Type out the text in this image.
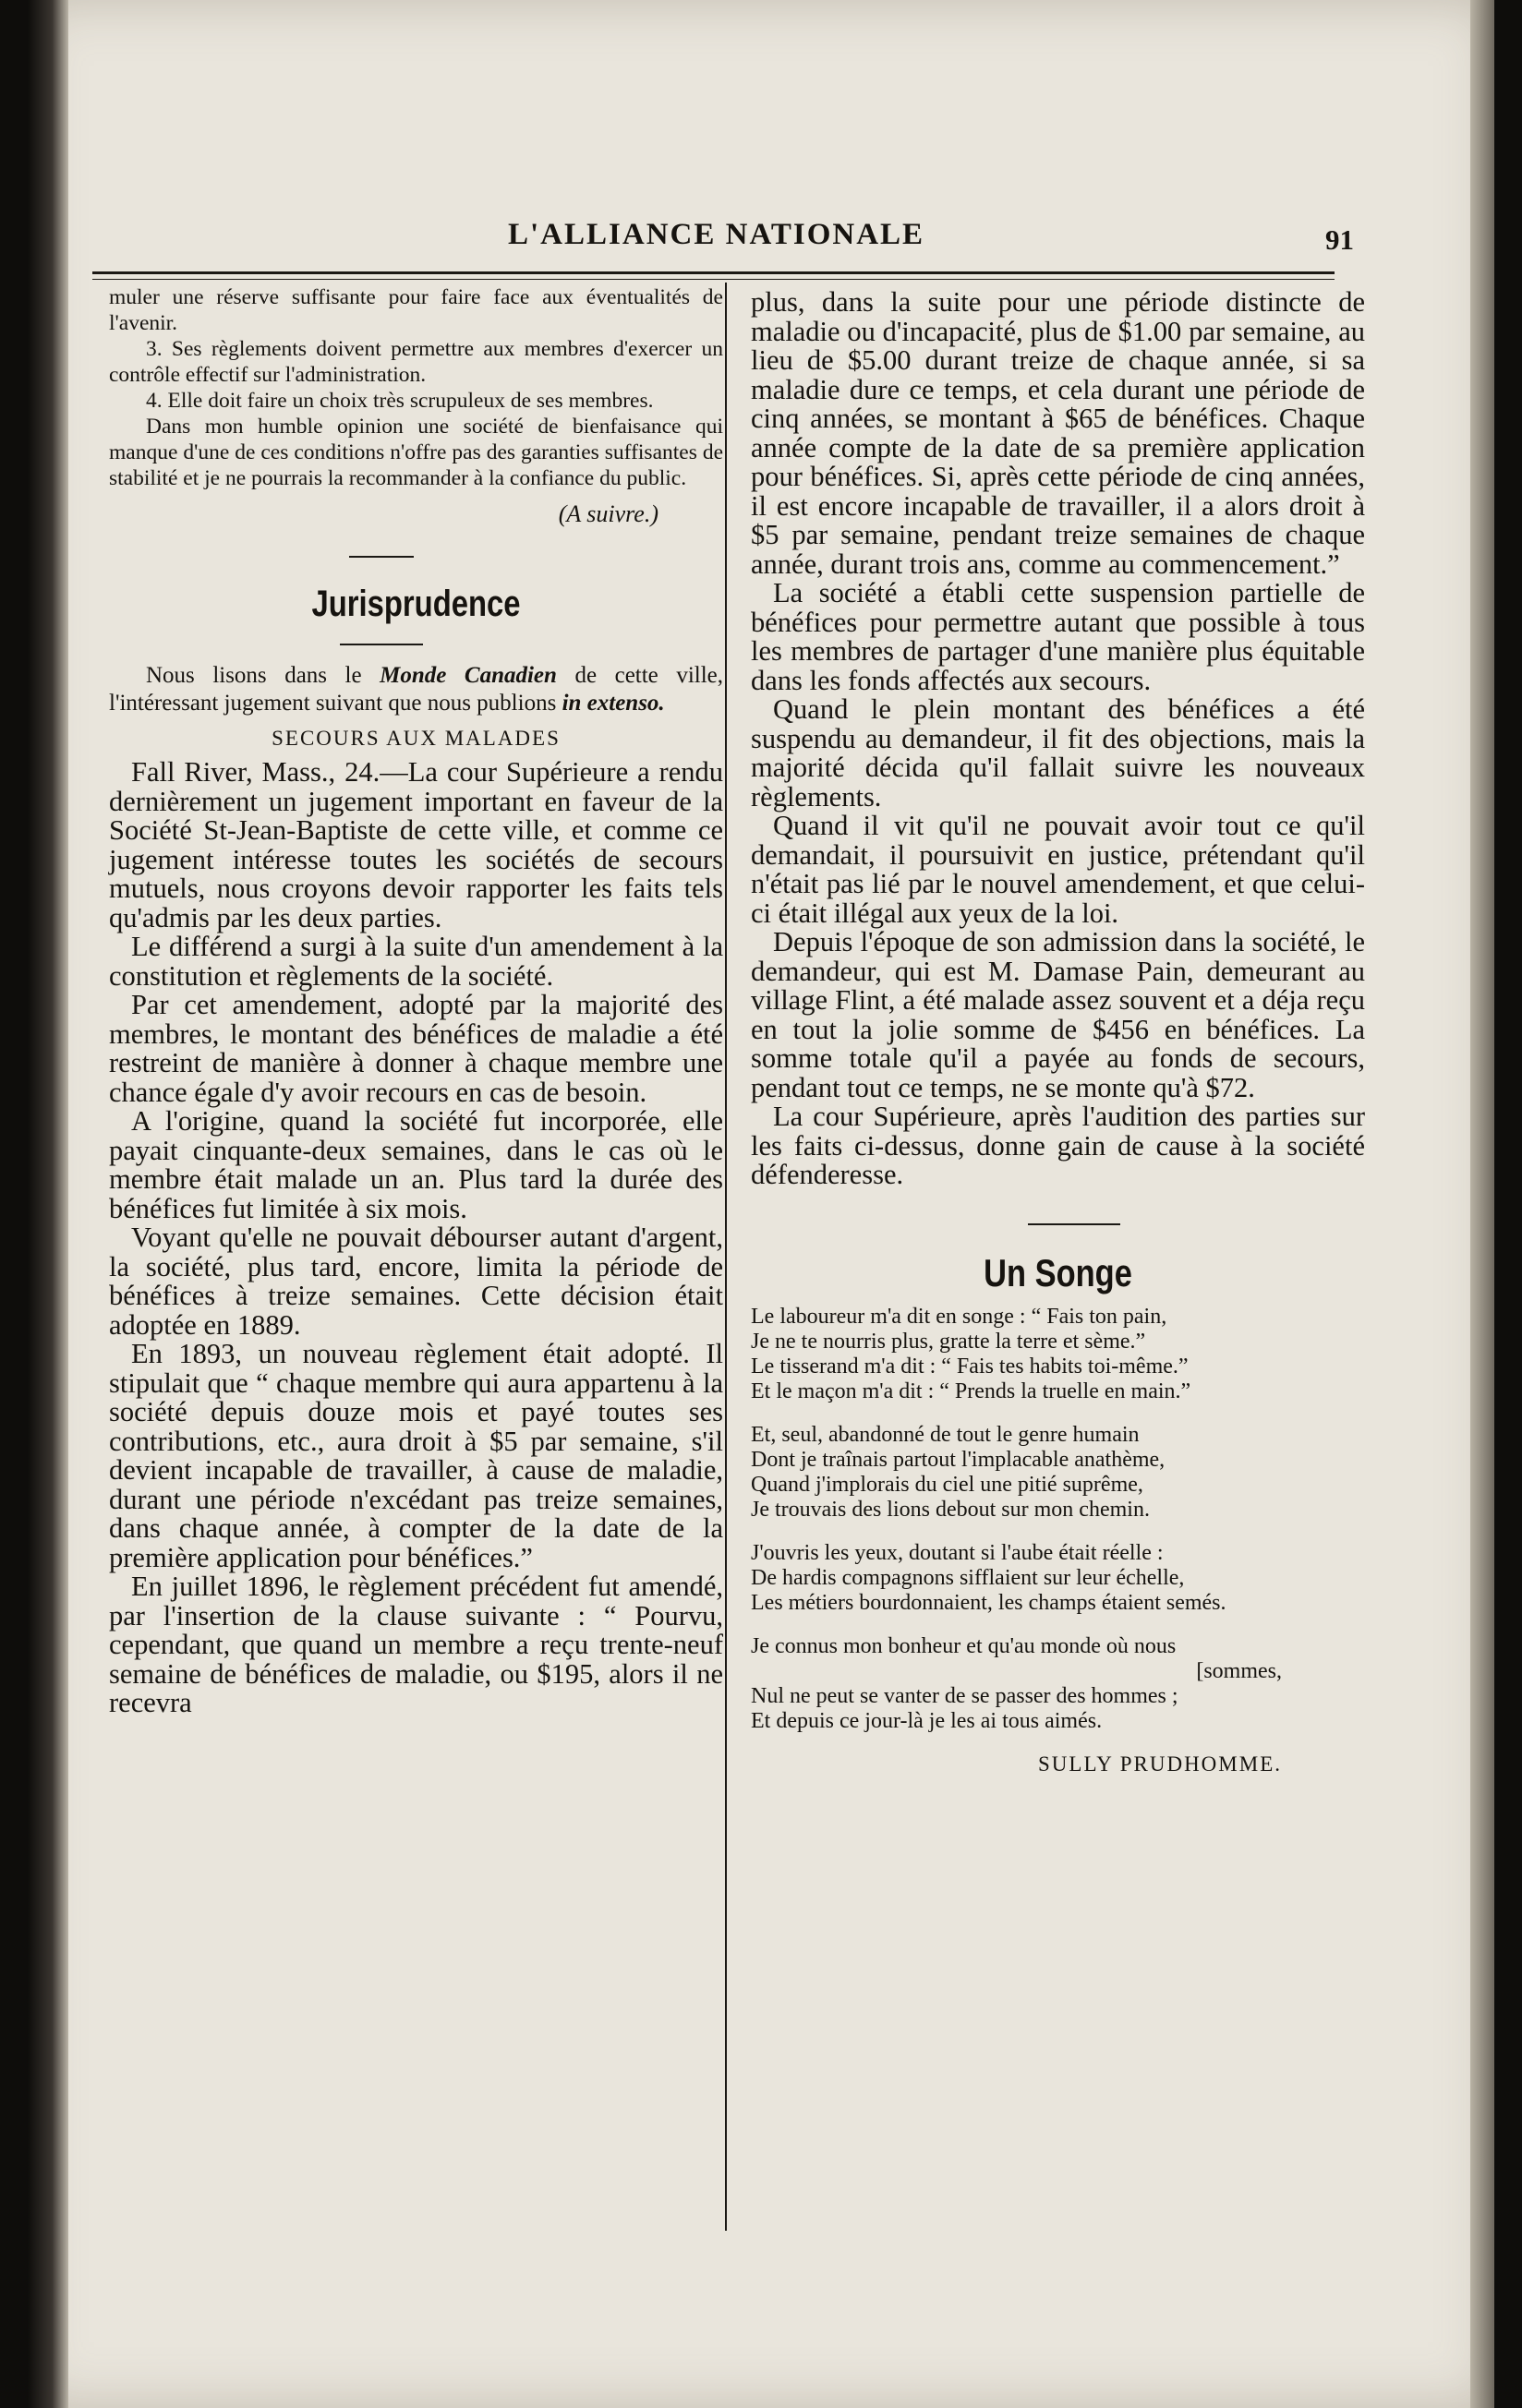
L'ALLIANCE NATIONALE	91

muler une réserve suffisante pour faire face aux éventualités de l'avenir.

3. Ses règlements doivent permettre aux membres d'exercer un contrôle effectif sur l'administration.

4. Elle doit faire un choix très scrupuleux de ses membres.

Dans mon humble opinion une société de bienfaisance qui manque d'une de ces conditions n'offre pas des garanties suffisantes de stabilité et je ne pourrais la recommander à la confiance du public.

(A suivre.)
Jurisprudence

Nous lisons dans le Monde Canadien de cette ville, l'intéressant jugement suivant que nous publions in extenso.

SECOURS AUX MALADES

Fall River, Mass., 24.—La cour Supérieure a rendu dernièrement un jugement important en faveur de la Société St-Jean-Baptiste de cette ville, et comme ce jugement intéresse toutes les sociétés de secours mutuels, nous croyons devoir rapporter les faits tels qu'admis par les deux parties.

Le différend a surgi à la suite d'un amendement à la constitution et règlements de la société.

Par cet amendement, adopté par la majorité des membres, le montant des bénéfices de maladie a été restreint de manière à donner à chaque membre une chance égale d'y avoir recours en cas de besoin.

A l'origine, quand la société fut incorporée, elle payait cinquante-deux semaines, dans le cas où le membre était malade un an. Plus tard la durée des bénéfices fut limitée à six mois.

Voyant qu'elle ne pouvait débourser autant d'argent, la société, plus tard, encore, limita la période de bénéfices à treize semaines. Cette décision était adoptée en 1889.

En 1893, un nouveau règlement était adopté. Il stipulait que “ chaque membre qui aura appartenu à la société depuis douze mois et payé toutes ses contributions, etc., aura droit à $5 par semaine, s'il devient incapable de travailler, à cause de maladie, durant une période n'excédant pas treize semaines, dans chaque année, à compter de la date de la première application pour bénéfices.”

En juillet 1896, le règlement précédent fut amendé, par l'insertion de la clause suivante : “ Pourvu, cependant, que quand un membre a reçu trente-neuf semaine de bénéfices de maladie, ou $195, alors il ne recevra

plus, dans la suite pour une période distincte de maladie ou d'incapacité, plus de $1.00 par semaine, au lieu de $5.00 durant treize de chaque année, si sa maladie dure ce temps, et cela durant une période de cinq années, se montant à $65 de bénéfices. Chaque année compte de la date de sa première application pour bénéfices. Si, après cette période de cinq années, il est encore incapable de travailler, il a alors droit à $5 par semaine, pendant treize semaines de chaque année, durant trois ans, comme au commencement.”

La société a établi cette suspension partielle de bénéfices pour permettre autant que possible à tous les membres de partager d'une manière plus équitable dans les fonds affectés aux secours.

Quand le plein montant des bénéfices a été suspendu au demandeur, il fit des objections, mais la majorité décida qu'il fallait suivre les nouveaux règlements.

Quand il vit qu'il ne pouvait avoir tout ce qu'il demandait, il poursuivit en justice, prétendant qu'il n'était pas lié par le nouvel amendement, et que celui-ci était illégal aux yeux de la loi.

Depuis l'époque de son admission dans la société, le demandeur, qui est M. Damase Pain, demeurant au village Flint, a été malade assez souvent et a déja reçu en tout la jolie somme de $456 en bénéfices. La somme totale qu'il a payée au fonds de secours, pendant tout ce temps, ne se monte qu'à $72.

La cour Supérieure, après l'audition des parties sur les faits ci-dessus, donne gain de cause à la société défenderesse.

Un Songe
Le laboureur m'a dit en songe : “ Fais ton pain,
Je ne te nourris plus, gratte la terre et sème.”
Le tisserand m'a dit : “ Fais tes habits toi-même.”
Et le maçon m'a dit : “ Prends la truelle en main.”
Et, seul, abandonné de tout le genre humain
Dont je traînais partout l'implacable anathème,
Quand j'implorais du ciel une pitié suprême,
Je trouvais des lions debout sur mon chemin.
J'ouvris les yeux, doutant si l'aube était réelle :
De hardis compagnons sifflaient sur leur échelle,
Les métiers bourdonnaient, les champs étaient semés.
Je connus mon bonheur et qu'au monde où nous
[sommes,
Nul ne peut se vanter de se passer des hommes ;
Et depuis ce jour-là je les ai tous aimés.
SULLY PRUDHOMME.
